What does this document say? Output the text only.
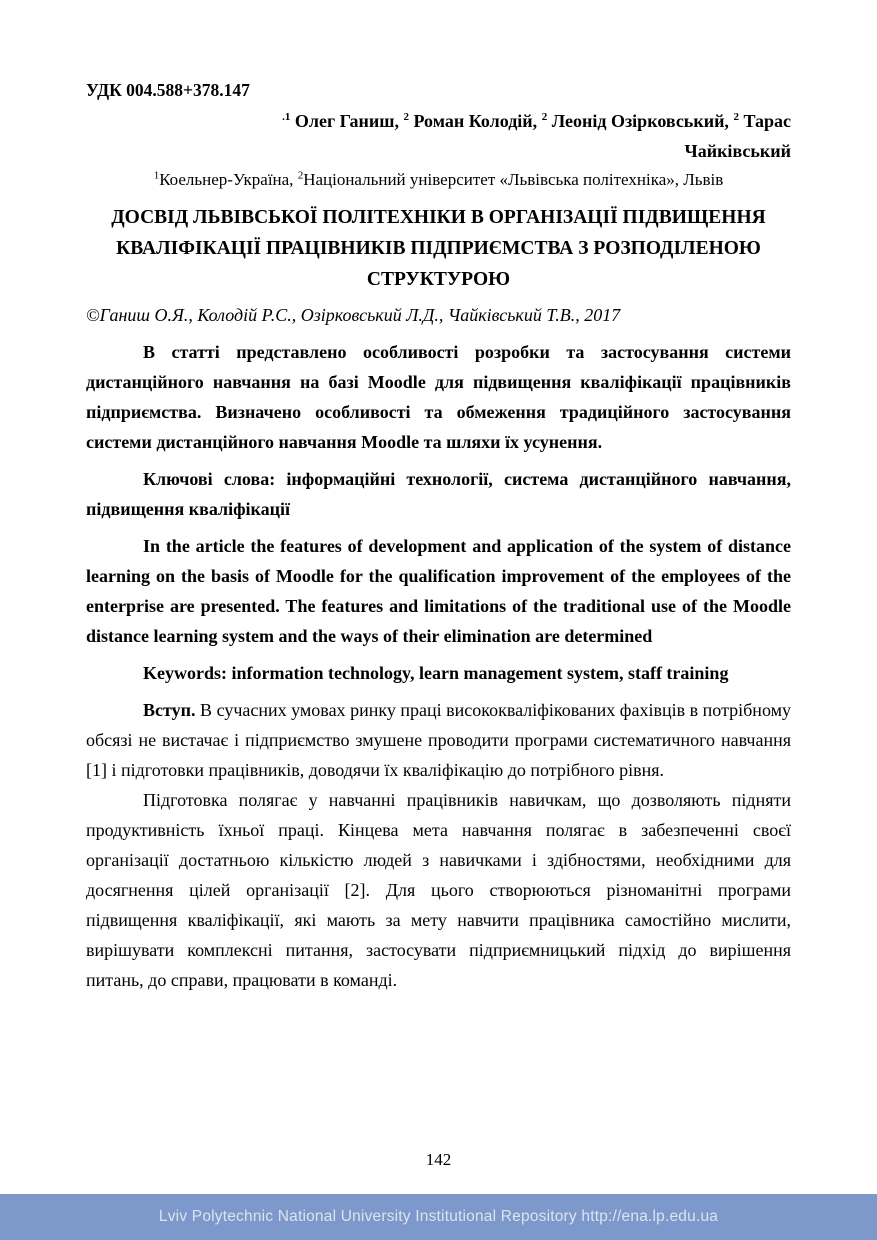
УДК 004.588+378.147

$^{.1}$ Олег Ганиш, $^2$ Роман Колодій, $^2$ Леонід Озірковський, $^2$ Тарас
Чайківський

$^1$Коельнер-Україна, $^2$Національний університет «Львівська політехніка», Львів

ДОСВІД ЛЬВІВСЬКОЇ ПОЛІТЕХНІКИ В ОРГАНІЗАЦІЇ ПІДВИЩЕННЯ КВАЛІФІКАЦІЇ ПРАЦІВНИКІВ ПІДПРИЄМСТВА З РОЗПОДІЛЕНОЮ СТРУКТУРОЮ

©Ганиш О.Я., Колодій Р.С., Озірковський Л.Д., Чайківський Т.В., 2017

В статті представлено особливості розробки та застосування системи дистанційного навчання на базі Moodle для підвищення кваліфікації працівників підприємства. Визначено особливості та обмеження традиційного застосування системи дистанційного навчання Moodle та шляхи їх усунення.

Ключові слова: інформаційні технології, система дистанційного навчання, підвищення кваліфікації

In the article the features of development and application of the system of distance learning on the basis of Moodle for the qualification improvement of the employees of the enterprise are presented. The features and limitations of the traditional use of the Moodle distance learning system and the ways of their elimination are determined

Keywords: information technology, learn management system, staff training

Вступ. В сучасних умовах ринку праці висококваліфікованих фахівців в потрібному обсязі не вистачає і підприємство змушене проводити програми систематичного навчання [1] і підготовки працівників, доводячи їх кваліфікацію до потрібного рівня.

Підготовка полягає у навчанні працівників навичкам, що дозволяють підняти продуктивність їхньої праці. Кінцева мета навчання полягає в забезпеченні своєї організації достатньою кількістю людей з навичками і здібностями, необхідними для досягнення цілей організації [2]. Для цього створюються різноманітні програми підвищення кваліфікації, які мають за мету навчити працівника самостійно мислити, вирішувати комплексні питання, застосувати підприємницький підхід до вирішення питань, до справи, працювати в команді.

142
Lviv Polytechnic National University Institutional Repository http://ena.lp.edu.ua
